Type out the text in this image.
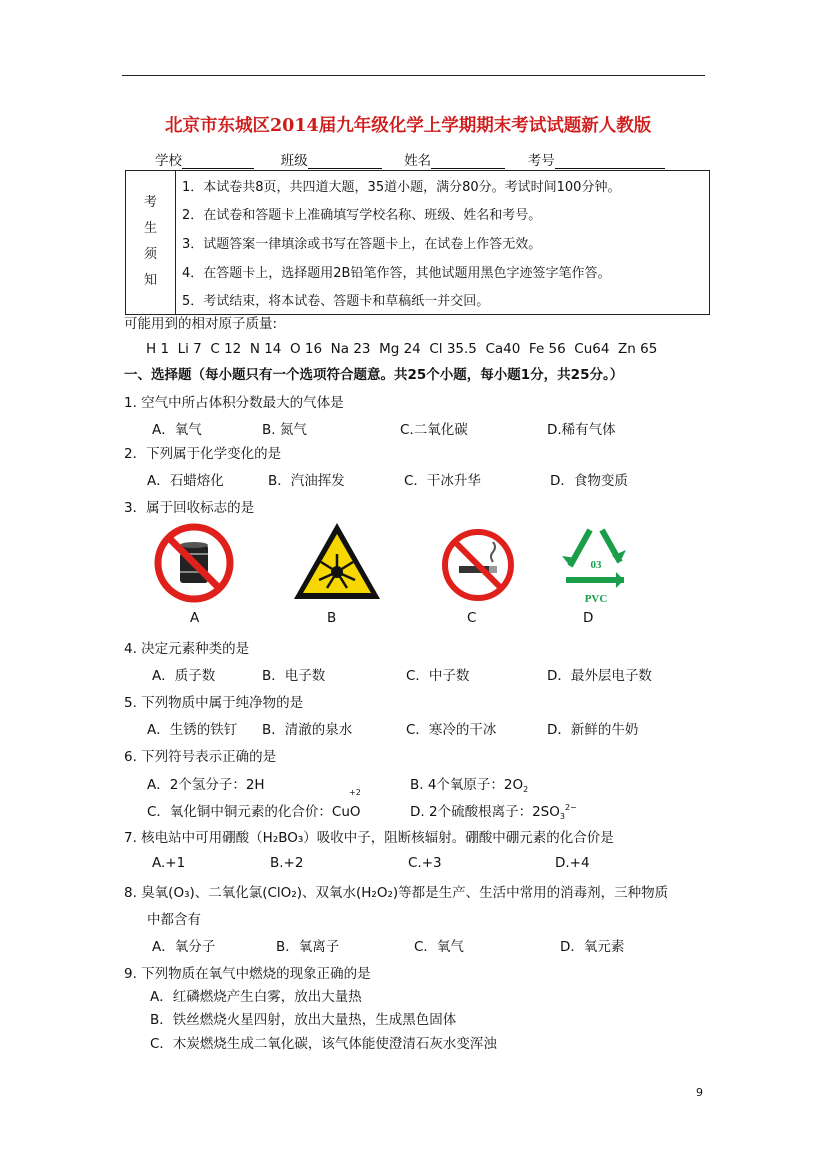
北京市东城区2014届九年级化学上学期期末考试试题新人教版
学校	班级	姓名	考号
考
生
须
知
	1．本试卷共8页，共四道大题，35道小题，满分80分。考试时间100分钟。
2．在试卷和答题卡上准确填写学校名称、班级、姓名和考号。
3．试题答案一律填涂或书写在答题卡上，在试卷上作答无效。
4．在答题卡上，选择题用2B铅笔作答，其他试题用黑色字迹签字笔作答。
5．考试结束，将本试卷、答题卡和草稿纸一并交回。
可能用到的相对原子质量:
H 1  Li 7  C 12  N 14  O 16  Na 23  Mg 24  Cl 35.5  Ca40  Fe 56  Cu64  Zn 65
一、选择题（每小题只有一个选项符合题意。共25个小题，每小题1分，共25分。）
1. 空气中所占体积分数最大的气体是
A．氧气	B. 氮气	C.二氧化碳	D.稀有气体
2．下列属于化学变化的是
A．石蜡熔化	B．汽油挥发	C．干冰升华	D．食物变质
3．属于回收标志的是
A	B	C
03
PVC
D
4. 决定元素种类的是
A．质子数	B．电子数	C．中子数	D．最外层电子数
5. 下列物质中属于纯净物的是
A．生锈的铁钉 B．清澈的泉水	C．寒冷的干冰	D．新鲜的牛奶
6. 下列符号表示正确的是
A．2个氢分子：2H	B. 4个氧原子：$2O_2$
+2
C．氧化铜中铜元素的化合价：CuO	D. 2个硫酸根离子：$2SO_3^{2-}$
7. 核电站中可用硼酸（H₂BO₃）吸收中子，阻断核辐射。硼酸中硼元素的化合价是
A.+1	B.+2	C.+3	D.+4
8. 臭氧(O₃)、二氧化氯(ClO₂)、双氧水(H₂O₂)等都是生产、生活中常用的消毒剂，三种物质
中都含有
A．氧分子	B．氧离子	C．氧气	D．氧元素
9. 下列物质在氧气中燃烧的现象正确的是
A．红磷燃烧产生白雾，放出大量热
B．铁丝燃烧火星四射，放出大量热，生成黑色固体
C．木炭燃烧生成二氧化碳，该气体能使澄清石灰水变浑浊
9
